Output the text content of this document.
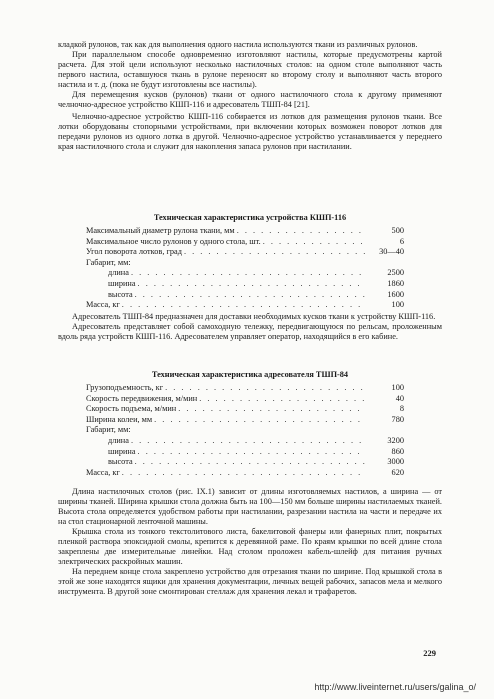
кладкой рулонов, так как для выполнения одного настила используются ткани из различных рулонов.

При параллельном способе одновременно изготовляют настилы, которые предусмотрены картой расчета. Для этой цели используют несколько настилочных столов: на одном столе выполняют часть первого настила, оставшуюся ткань в рулоне переносят ко второму столу и выполняют часть второго настила и т. д. (пока не будут изготовлены все настилы).

Для перемещения кусков (рулонов) ткани от одного настилочного стола к другому применяют челночно-адресное устройство КШП-116 и адресователь ТШП-84 [21].

Челночно-адресное устройство КШП-116 собирается из лотков для размещения рулонов ткани. Все лотки оборудованы стопорными устройствами, при включении которых возможен поворот лотков для передачи рулонов из одного лотка в другой. Челночно-адресное устройство устанавливается у переднего края настилочного стола и служит для накопления запаса рулонов при настилании.

Техническая характеристика устройства КШП-116

Максимальный диаметр рулона ткани, мм . . .	500
Максимальное число рулонов у одного стола, шт. . . .	6
Угол поворота лотков, град . . .	30—40
Габарит, мм:
длина . . .	2500
ширина . . .	1860
высота . . .	1600
Масса, кг . . .	100

Адресователь ТШП-84 предназначен для доставки необходимых кусков ткани к устройству КШП-116.

Адресователь представляет собой самоходную тележку, передвигающуюся по рельсам, проложенным вдоль ряда устройств КШП-116. Адресователем управляет оператор, находящийся в его кабине.

Техническая характеристика адресователя ТШП-84

Грузоподъемность, кг . . .	100
Скорость передвижения, м/мин . . .	40
Скорость подъема, м/мин . . .	8
Ширина колеи, мм . . .	780
Габарит, мм:
длина . . .	3200
ширина . . .	860
высота . . .	3000
Масса, кг . . .	620

Длина настилочных столов (рис. IX.1) зависит от длины изготовляемых настилов, а ширина — от ширины тканей. Ширина крышки стола должна быть на 100—150 мм больше ширины настилаемых тканей. Высота стола определяется удобством работы при настилании, разрезании настила на части и передаче их на стол стационарной ленточной машины.

Крышка стола из тонкого текстолитового листа, бакелитовой фанеры или фанерных плит, покрытых пленкой раствора эпоксидной смолы, крепится к деревянной раме. По краям крышки по всей длине стола закреплены две измерительные линейки. Над столом проложен кабель-шлейф для питания ручных электрических раскройных машин.

На переднем конце стола закреплено устройство для отрезания ткани по ширине. Под крышкой стола в этой же зоне находятся ящики для хранения документации, личных вещей рабочих, запасов мела и мелкого инструмента. В другой зоне смонтирован стеллаж для хранения лекал и трафаретов.

229
http://www.liveinternet.ru/users/galina_o/
